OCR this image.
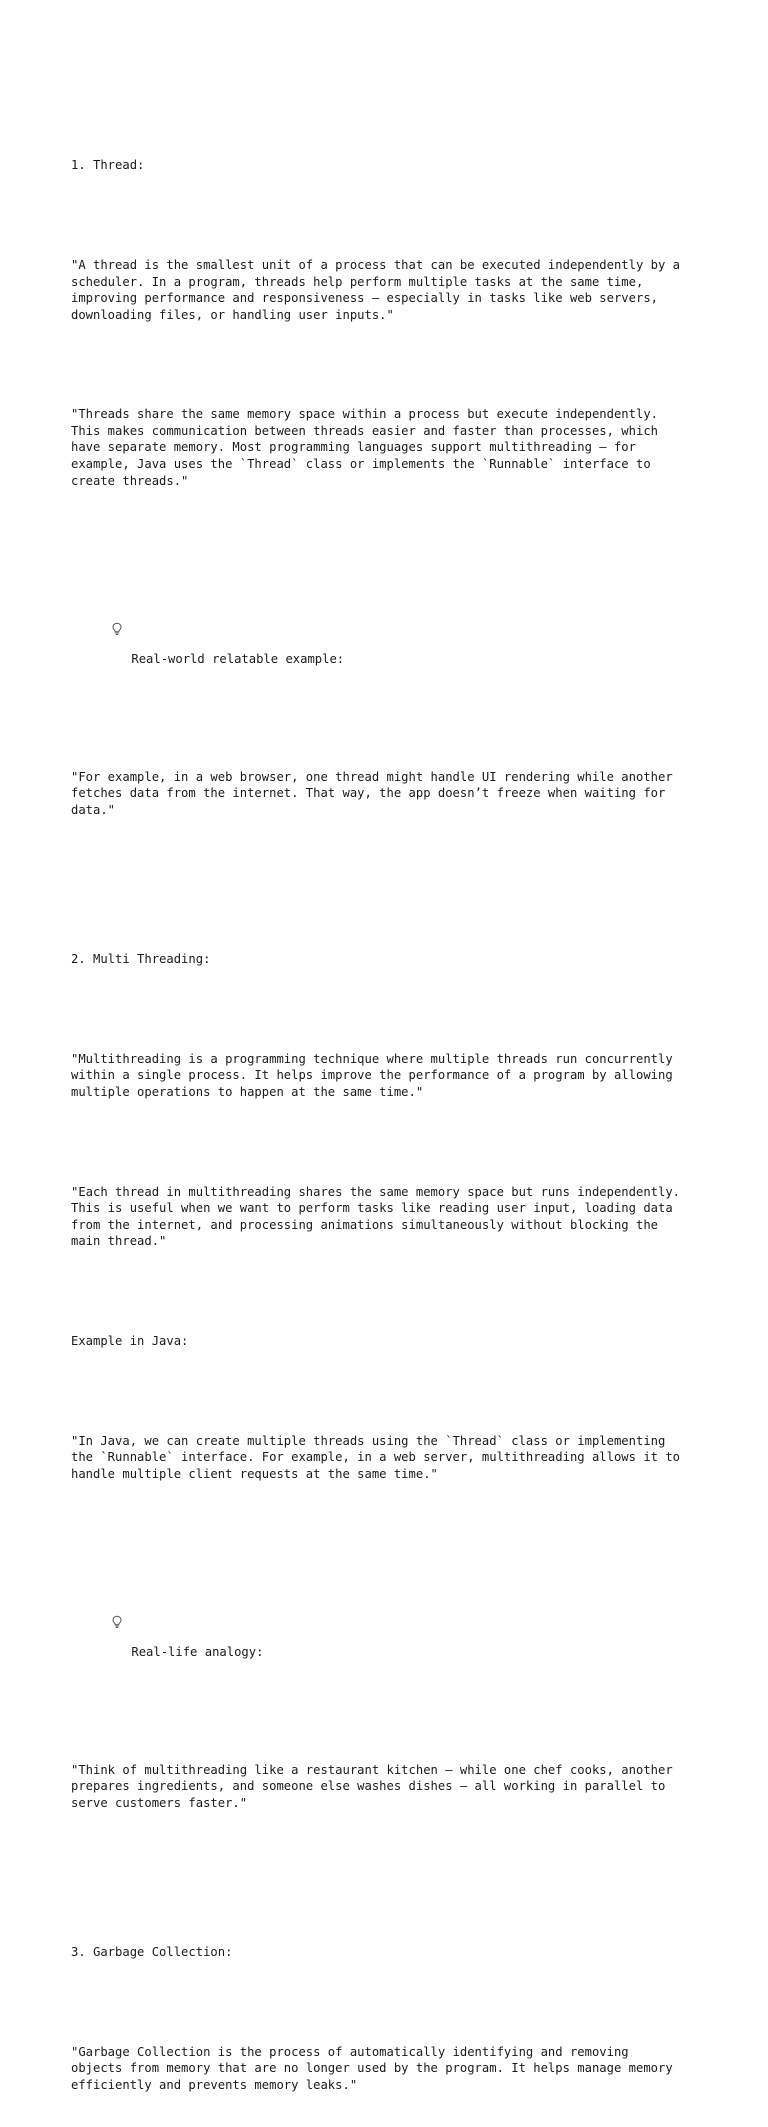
1. Thread:

"A thread is the smallest unit of a process that can be executed independently by a
scheduler. In a program, threads help perform multiple tasks at the same time,
improving performance and responsiveness — especially in tasks like web servers,
downloading files, or handling user inputs."

"Threads share the same memory space within a process but execute independently.
This makes communication between threads easier and faster than processes, which
have separate memory. Most programming languages support multithreading — for
example, Java uses the `Thread` class or implements the `Runnable` interface to
create threads."

Real-world relatable example:

"For example, in a web browser, one thread might handle UI rendering while another
fetches data from the internet. That way, the app doesn’t freeze when waiting for
data."

2. Multi Threading:

"Multithreading is a programming technique where multiple threads run concurrently
within a single process. It helps improve the performance of a program by allowing
multiple operations to happen at the same time."

"Each thread in multithreading shares the same memory space but runs independently.
This is useful when we want to perform tasks like reading user input, loading data
from the internet, and processing animations simultaneously without blocking the
main thread."

Example in Java:

"In Java, we can create multiple threads using the `Thread` class or implementing
the `Runnable` interface. For example, in a web server, multithreading allows it to
handle multiple client requests at the same time."

Real-life analogy:

"Think of multithreading like a restaurant kitchen — while one chef cooks, another
prepares ingredients, and someone else washes dishes — all working in parallel to
serve customers faster."

3. Garbage Collection:

"Garbage Collection is the process of automatically identifying and removing
objects from memory that are no longer used by the program. It helps manage memory
efficiently and prevents memory leaks."
